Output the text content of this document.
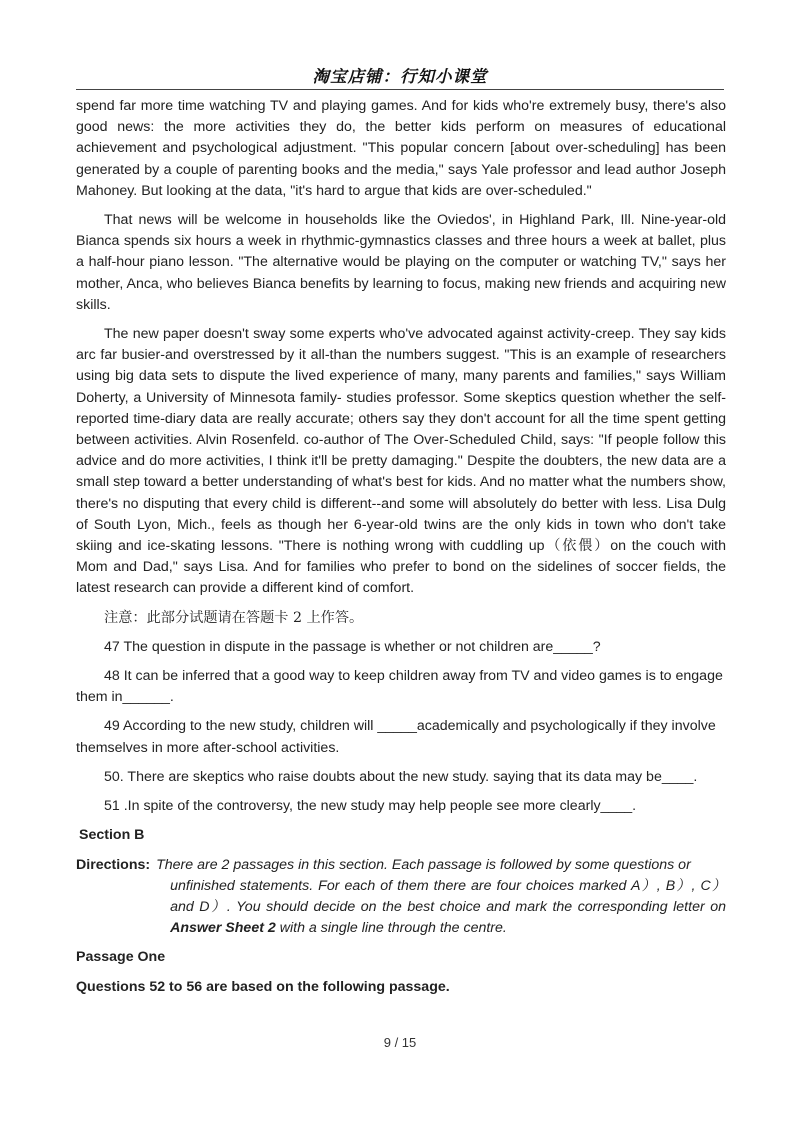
淘宝店铺：行知小课堂

spend far more time watching TV and playing games. And for kids who're extremely busy, there's also good news: the more activities they do, the better kids perform on measures of educational achievement and psychological adjustment. "This popular concern [about over-scheduling] has been generated by a couple of parenting books and the media," says Yale professor and lead author Joseph Mahoney. But looking at the data, "it's hard to argue that kids are over-scheduled."

That news will be welcome in households like the Oviedos', in Highland Park, Ill. Nine-year-old Bianca spends six hours a week in rhythmic-gymnastics classes and three hours a week at ballet, plus a half-hour piano lesson. "The alternative would be playing on the computer or watching TV," says her mother, Anca, who believes Bianca benefits by learning to focus, making new friends and acquiring new skills.

The new paper doesn't sway some experts who've advocated against activity-creep. They say kids arc far busier-and overstressed by it all-than the numbers suggest. "This is an example of researchers using big data sets to dispute the lived experience of many, many parents and families," says William Doherty, a University of Minnesota family- studies professor. Some skeptics question whether the self-reported time-diary data are really accurate; others say they don't account for all the time spent getting between activities. Alvin Rosenfeld. co-author of The Over-Scheduled Child, says: "If people follow this advice and do more activities, I think it'll be pretty damaging." Despite the doubters, the new data are a small step toward a better understanding of what's best for kids. And no matter what the numbers show, there's no disputing that every child is different--and some will absolutely do better with less. Lisa Dulg of South Lyon, Mich., feels as though her 6-year-old twins are the only kids in town who don't take skiing and ice-skating lessons. "There is nothing wrong with cuddling up（依偎）on the couch with Mom and Dad," says Lisa. And for families who prefer to bond on the sidelines of soccer fields, the latest research can provide a different kind of comfort.

注意：此部分试题请在答题卡 2 上作答。

47 The question in dispute in the passage is whether or not children are_____?

48 It can be inferred that a good way to keep children away from TV and video games is to engage them in______.

49 According to the new study, children will _____academically and psychologically if they involve themselves in more after-school activities.

50. There are skeptics who raise doubts about the new study. saying that its data may be____.

51 .In spite of the controversy, the new study may help people see more clearly____.

Section B

Directions: There are 2 passages in this section. Each passage is followed by some questions or
unfinished statements. For each of them there are four choices marked A）, B）, C）and D）. You should decide on the best choice and mark the corresponding letter on Answer Sheet 2 with a single line through the centre.

Passage One

Questions 52 to 56 are based on the following passage.

9 / 15
